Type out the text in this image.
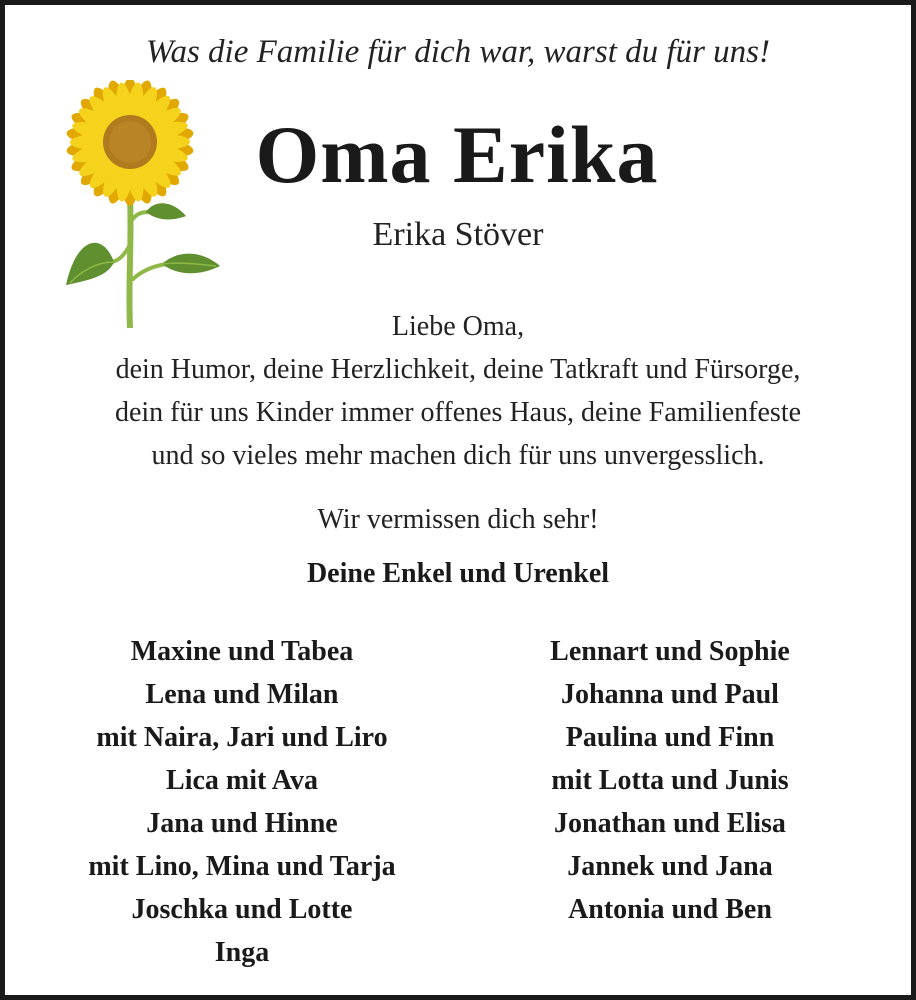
Was die Familie für dich war, warst du für uns!
Oma Erika
Erika Stöver
Liebe Oma,
dein Humor, deine Herzlichkeit, deine Tatkraft und Fürsorge,
dein für uns Kinder immer offenes Haus, deine Familienfeste
und so vieles mehr machen dich für uns unvergesslich.
Wir vermissen dich sehr!
Deine Enkel und Urenkel
Maxine und Tabea
Lena und Milan
mit Naira, Jari und Liro
Lica mit Ava
Jana und Hinne
mit Lino, Mina und Tarja
Joschka und Lotte
Inga
Lennart und Sophie
Johanna und Paul
Paulina und Finn
mit Lotta und Junis
Jonathan und Elisa
Jannek und Jana
Antonia und Ben
